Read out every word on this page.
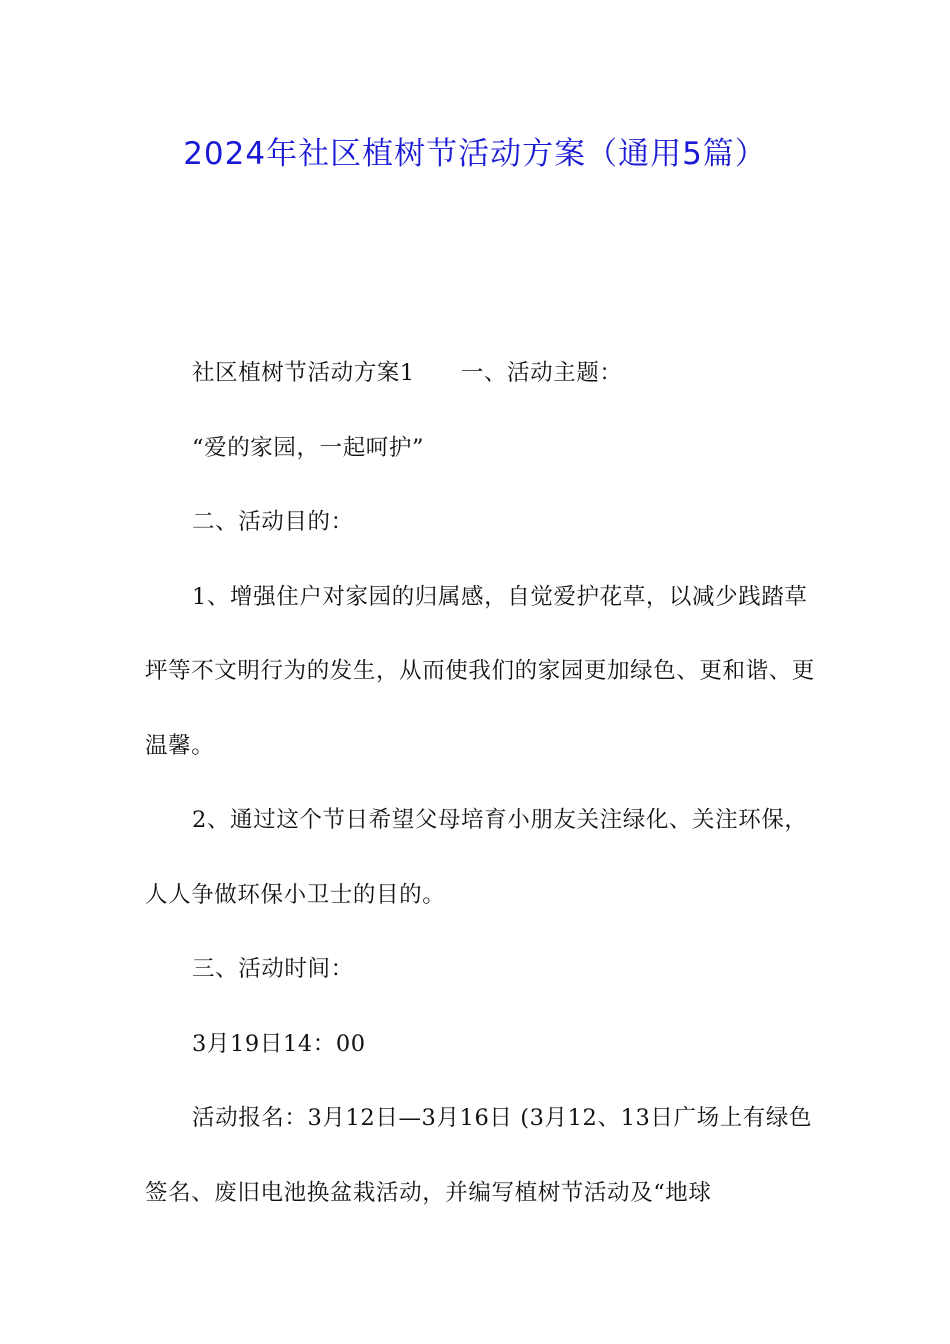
2024年社区植树节活动方案（通用5篇）

社区植树节活动方案1 一、活动主题：

“爱的家园，一起呵护”

二、活动目的：

1、增强住户对家园的归属感，自觉爱护花草，以减少践踏草坪等不文明行为的发生，从而使我们的家园更加绿色、更和谐、更温馨。

2、通过这个节日希望父母培育小朋友关注绿化、关注环保，人人争做环保小卫士的目的。

三、活动时间：

3月19日14：00

活动报名：3月12日—3月16日 (3月12、13日广场上有绿色签名、废旧电池换盆栽活动，并编写植树节活动及“地球
